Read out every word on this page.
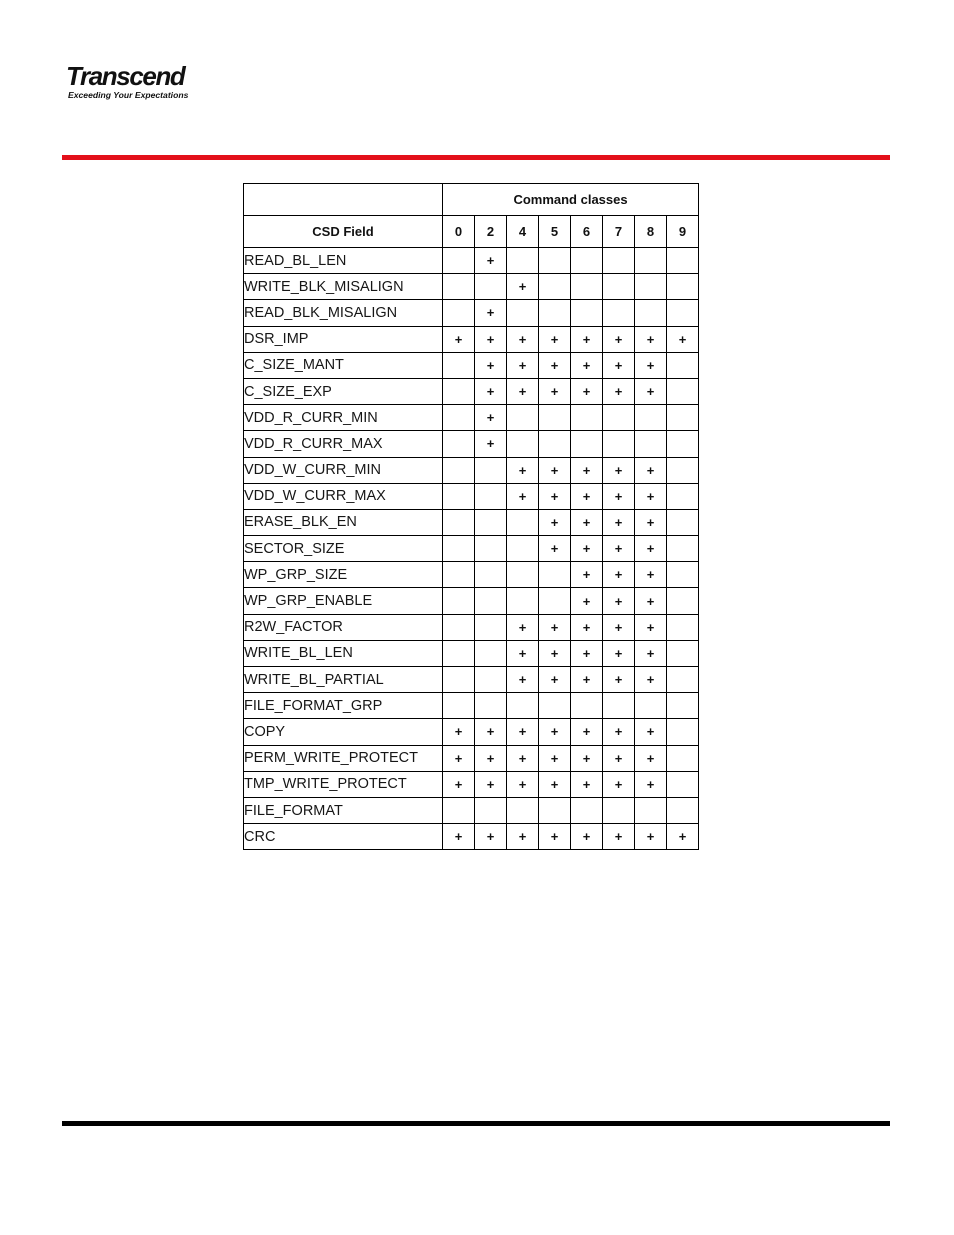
Transcend
Exceeding Your Expectations
	Command classes							
CSD Field	0	2	4	5	6	7	8	9
READ_BL_LEN		+						
WRITE_BLK_MISALIGN			+					
READ_BLK_MISALIGN		+						
DSR_IMP	+	+	+	+	+	+	+	+
C_SIZE_MANT		+	+	+	+	+	+	
C_SIZE_EXP		+	+	+	+	+	+	
VDD_R_CURR_MIN		+						
VDD_R_CURR_MAX		+						
VDD_W_CURR_MIN			+	+	+	+	+	
VDD_W_CURR_MAX			+	+	+	+	+	
ERASE_BLK_EN				+	+	+	+	
SECTOR_SIZE				+	+	+	+	
WP_GRP_SIZE					+	+	+	
WP_GRP_ENABLE					+	+	+	
R2W_FACTOR			+	+	+	+	+	
WRITE_BL_LEN			+	+	+	+	+	
WRITE_BL_PARTIAL			+	+	+	+	+	
FILE_FORMAT_GRP								
COPY	+	+	+	+	+	+	+	
PERM_WRITE_PROTECT	+	+	+	+	+	+	+	
TMP_WRITE_PROTECT	+	+	+	+	+	+	+	
FILE_FORMAT								
CRC	+	+	+	+	+	+	+	+
